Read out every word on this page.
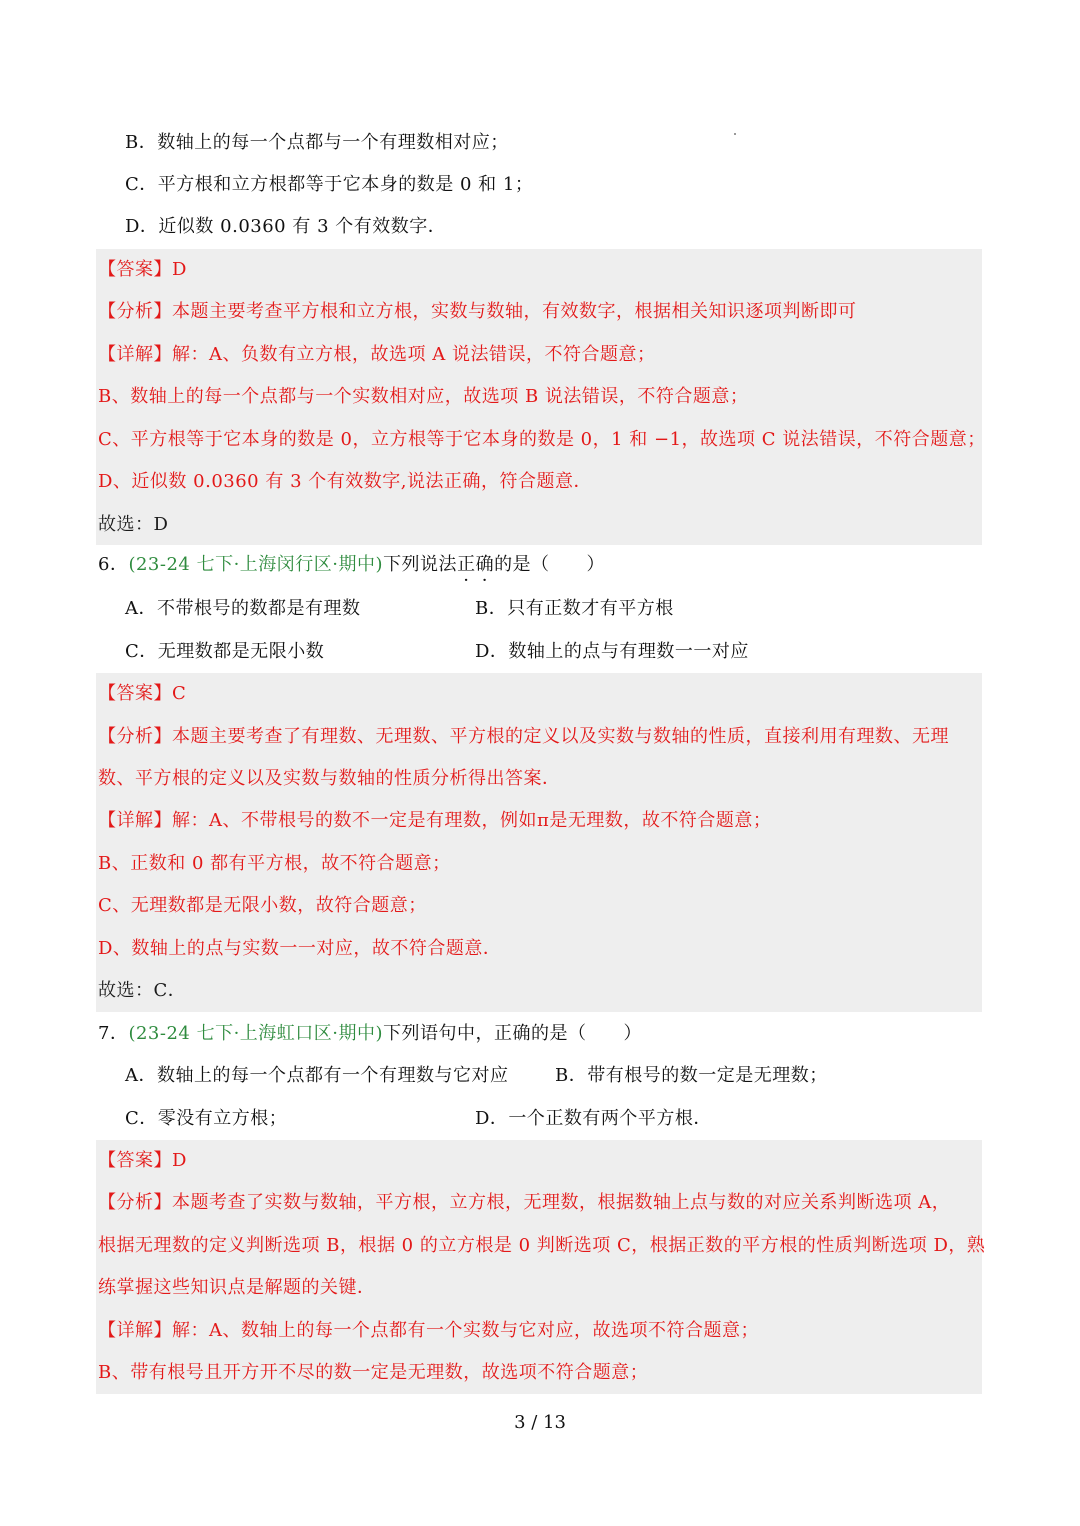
B．数轴上的每一个点都与一个有理数相对应；
C．平方根和立方根都等于它本身的数是 0 和 1；
D．近似数 0.0360 有 3 个有效数字．
【答案】D
【分析】本题主要考查平方根和立方根，实数与数轴，有效数字，根据相关知识逐项判断即可
【详解】解：A、负数有立方根，故选项 A 说法错误，不符合题意；
B、数轴上的每一个点都与一个实数相对应，故选项 B 说法错误，不符合题意；
C、平方根等于它本身的数是 0，立方根等于它本身的数是 0，1 和 −1，故选项 C 说法错误，不符合题意；
D、近似数 0.0360 有 3 个有效数字,说法正确，符合题意．
故选：D
6．(23-24 七下·上海闵行区·期中)下列说法正确的是（　　）
A．不带根号的数都是有理数	B．只有正数才有平方根
C．无理数都是无限小数	D．数轴上的点与有理数一一对应
【答案】C
【分析】本题主要考查了有理数、无理数、平方根的定义以及实数与数轴的性质，直接利用有理数、无理
数、平方根的定义以及实数与数轴的性质分析得出答案．
【详解】解：A、不带根号的数不一定是有理数，例如π是无理数，故不符合题意；
B、正数和 0 都有平方根，故不符合题意；
C、无理数都是无限小数，故符合题意；
D、数轴上的点与实数一一对应，故不符合题意．
故选：C．
7．(23-24 七下·上海虹口区·期中)下列语句中，正确的是（　　）
A．数轴上的每一个点都有一个有理数与它对应	B．带有根号的数一定是无理数；
C．零没有立方根；	D．一个正数有两个平方根．
【答案】D
【分析】本题考查了实数与数轴，平方根，立方根，无理数，根据数轴上点与数的对应关系判断选项 A，
根据无理数的定义判断选项 B，根据 0 的立方根是 0 判断选项 C，根据正数的平方根的性质判断选项 D，熟
练掌握这些知识点是解题的关键．
【详解】解：A、数轴上的每一个点都有一个实数与它对应，故选项不符合题意；
B、带有根号且开方开不尽的数一定是无理数，故选项不符合题意；
3 / 13
